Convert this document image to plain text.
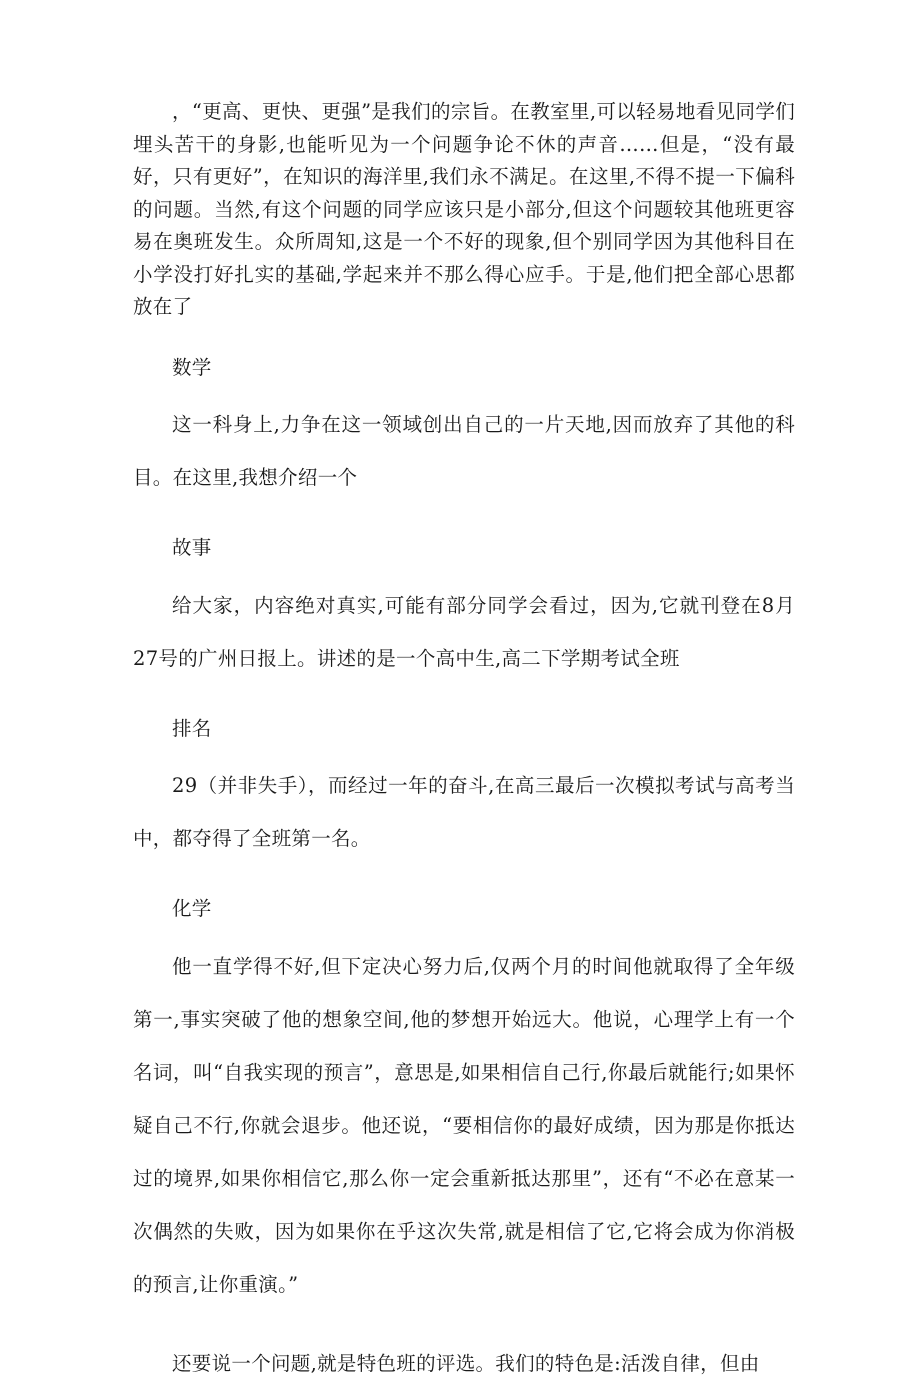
，“更高、更快、更强”是我们的宗旨。在教室里,可以轻易地看见同学们埋头苦干的身影,也能听见为一个问题争论不休的声音……但是，“没有最好，只有更好”，在知识的海洋里,我们永不满足。在这里,不得不提一下偏科的问题。当然,有这个问题的同学应该只是小部分,但这个问题较其他班更容易在奥班发生。众所周知,这是一个不好的现象,但个别同学因为其他科目在小学没打好扎实的基础,学起来并不那么得心应手。于是,他们把全部心思都放在了

数学

这一科身上,力争在这一领域创出自己的一片天地,因而放弃了其他的科目。在这里,我想介绍一个

故事

给大家，内容绝对真实,可能有部分同学会看过，因为,它就刊登在8月27号的广州日报上。讲述的是一个高中生,高二下学期考试全班

排名

29（并非失手），而经过一年的奋斗,在高三最后一次模拟考试与高考当中，都夺得了全班第一名。

化学

他一直学得不好,但下定决心努力后,仅两个月的时间他就取得了全年级第一,事实突破了他的想象空间,他的梦想开始远大。他说，心理学上有一个名词，叫“自我实现的预言”，意思是,如果相信自己行,你最后就能行;如果怀疑自己不行,你就会退步。他还说，“要相信你的最好成绩，因为那是你抵达过的境界,如果你相信它,那么你一定会重新抵达那里”，还有“不必在意某一次偶然的失败，因为如果你在乎这次失常,就是相信了它,它将会成为你消极的预言,让你重演。”

还要说一个问题,就是特色班的评选。我们的特色是:活泼自律，但由
